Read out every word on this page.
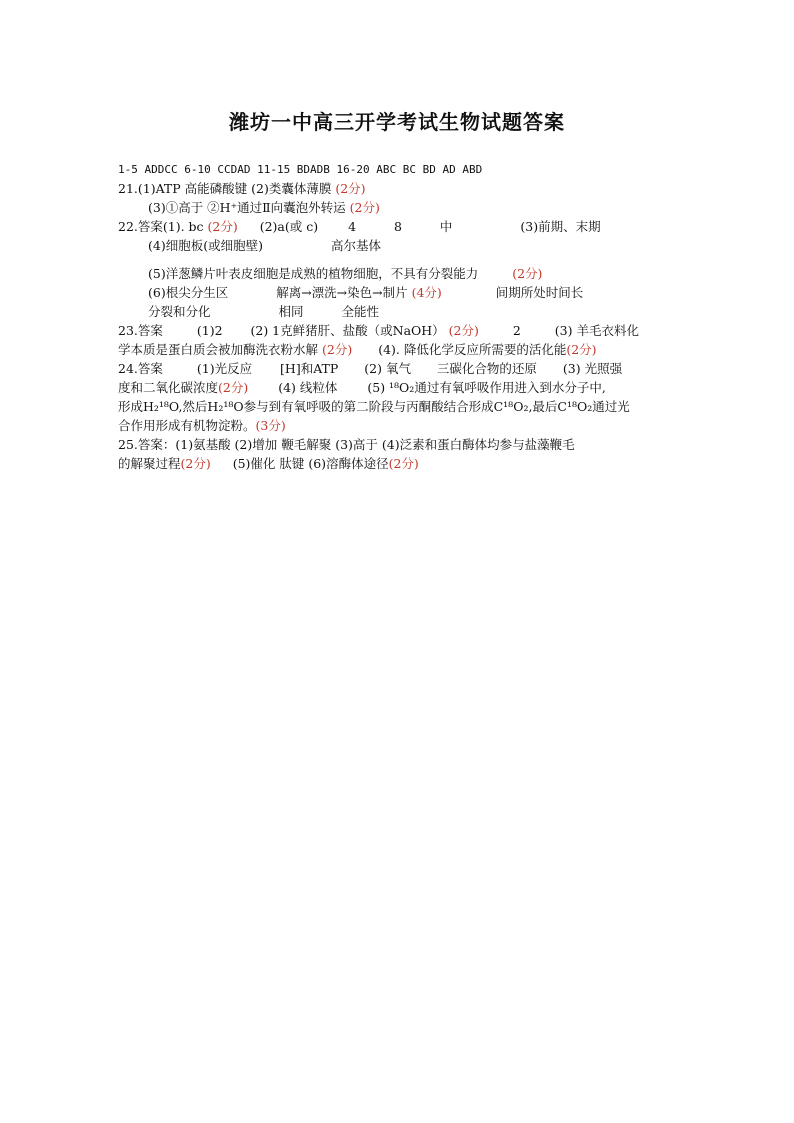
潍坊一中高三开学考试生物试题答案
1-5 ADDCC 6-10 CCDAD 11-15 BDADB 16-20 ABC BC BD AD ABD
21.(1)ATP 高能磷酸键 (2)类囊体薄膜 (2分)
(3)①高于 ②H⁺通过Ⅱ向囊泡外转运 (2分)
22.答案(1). bc (2分) (2)a(或 c) 4	8	中	(3)前期、末期
(4)细胞板(或细胞壁)	高尔基体
(5)洋葱鳞片叶表皮细胞是成熟的植物细胞，不具有分裂能力	(2分)
(6)根尖分生区	解离→漂洗→染色→制片 (4分)	间期所处时间长
分裂和分化	相同	全能性
23.答案	(1)2 (2) 1克鲜猪肝、盐酸（或NaOH） (2分)	2	(3) 羊毛衣料化
学本质是蛋白质会被加酶洗衣粉水解 (2分) (4). 降低化学反应所需要的活化能(2分)
24.答案	(1)光反应 [H]和ATP (2) 氧气 三碳化合物的还原 (3) 光照强
度和二氧化碳浓度(2分) (4) 线粒体 (5) ¹⁸O₂通过有氧呼吸作用进入到水分子中,
形成H₂¹⁸O,然后H₂¹⁸O参与到有氧呼吸的第二阶段与丙酮酸结合形成C¹⁸O₂,最后C¹⁸O₂通过光
合作用形成有机物淀粉。(3分)
25.答案：(1)氨基酸 (2)增加 鞭毛解聚 (3)高于 (4)泛素和蛋白酶体均参与盐藻鞭毛
的解聚过程(2分) (5)催化 肽键 (6)溶酶体途径(2分)
